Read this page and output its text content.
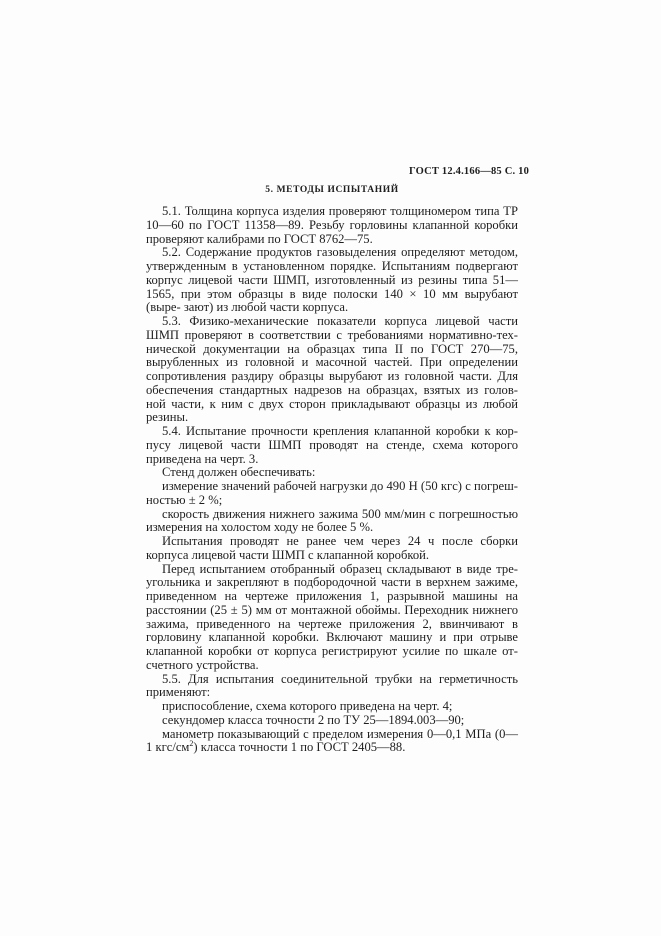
ГОСТ 12.4.166—85 С. 10
5. МЕТОДЫ ИСПЫТАНИЙ

5.1. Толщина корпуса изделия проверяют толщиномером типа ТР 10—60 по ГОСТ 11358—89. Резьбу горловины клапанной коробки проверяют калибрами по ГОСТ 8762—75.

5.2. Содержание продуктов газовыделения определяют методом, утвержденным в установленном порядке. Испытаниям подвергают корпус лицевой части ШМП, изготовленный из резины типа 51— 1565, при этом образцы в виде полоски 140 × 10 мм вырубают (выре- зают) из любой части корпуса.

5.3. Физико-механические показатели корпуса лицевой части ШМП проверяют в соответствии с требованиями нормативно-тех- нической документации на образцах типа II по ГОСТ 270—75, вырубленных из головной и масочной частей. При определении сопротивления раздиру образцы вырубают из головной части. Для обеспечения стандартных надрезов на образцах, взятых из голов- ной части, к ним с двух сторон прикладывают образцы из любой резины.

5.4. Испытание прочности крепления клапанной коробки к кор- пусу лицевой части ШМП проводят на стенде, схема которого приведена на черт. 3.

Стенд должен обеспечивать:

измерение значений рабочей нагрузки до 490 Н (50 кгс) с погреш- ностью ± 2 %;

скорость движения нижнего зажима 500 мм/мин с погрешностью измерения на холостом ходу не более 5 %.

Испытания проводят не ранее чем через 24 ч после сборки корпуса лицевой части ШМП с клапанной коробкой.

Перед испытанием отобранный образец складывают в виде тре- угольника и закрепляют в подбородочной части в верхнем зажиме, приведенном на чертеже приложения 1, разрывной машины на расстоянии (25 ± 5) мм от монтажной обоймы. Переходник нижнего зажима, приведенного на чертеже приложения 2, ввинчивают в горловину клапанной коробки. Включают машину и при отрыве клапанной коробки от корпуса регистрируют усилие по шкале от- счетного устройства.

5.5. Для испытания соединительной трубки на герметичность применяют:

приспособление, схема которого приведена на черт. 4;

секундомер класса точности 2 по ТУ 25—1894.003—90;

манометр показывающий с пределом измерения 0—0,1 МПа (0— 1 кгс/$см^2$) класса точности 1 по ГОСТ 2405—88.
